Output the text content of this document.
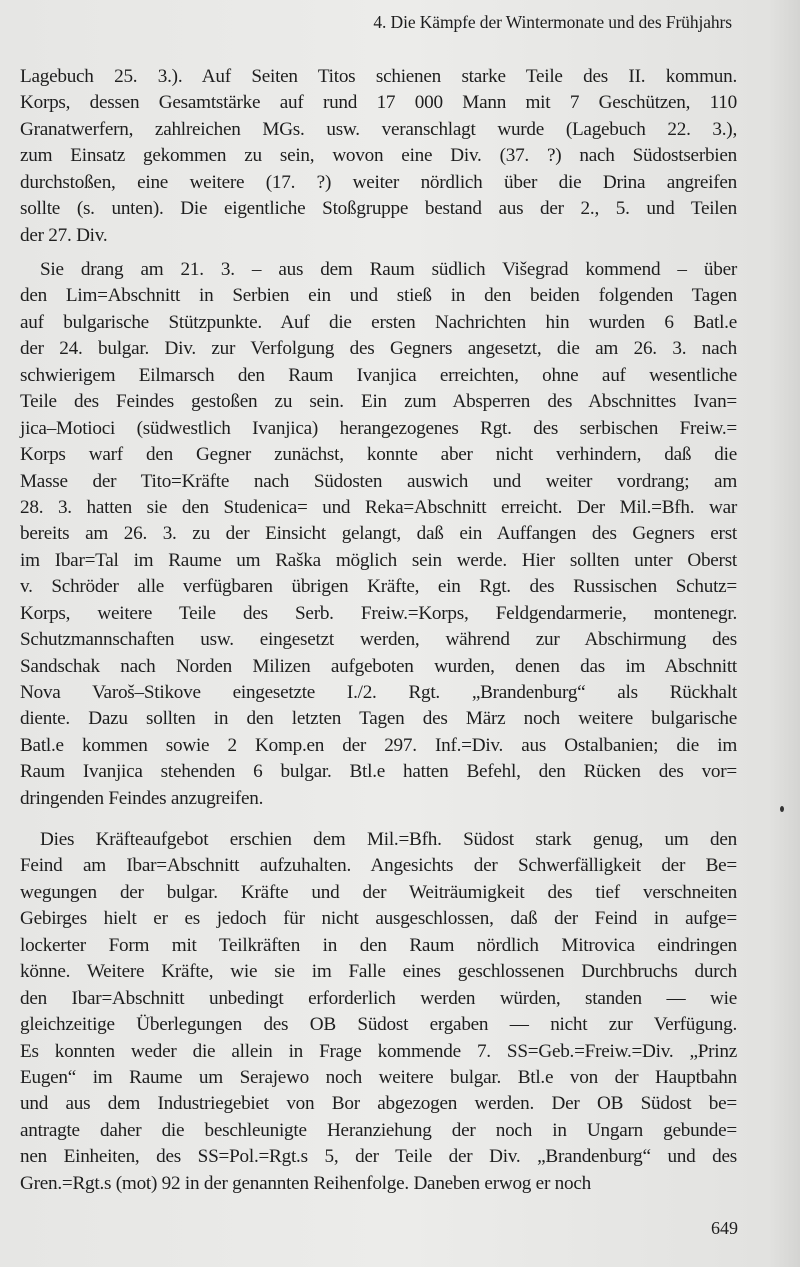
4. Die Kämpfe der Wintermonate und des Frühjahrs
Lagebuch 25. 3.). Auf Seiten Titos schienen starke Teile des II. kommun.
Korps, dessen Gesamtstärke auf rund 17 000 Mann mit 7 Geschützen, 110
Granatwerfern, zahlreichen MGs. usw. veranschlagt wurde (Lagebuch 22. 3.),
zum Einsatz gekommen zu sein, wovon eine Div. (37. ?) nach Südostserbien
durchstoßen, eine weitere (17. ?) weiter nördlich über die Drina angreifen
sollte (s. unten). Die eigentliche Stoßgruppe bestand aus der 2., 5. und Teilen
der 27. Div.
Sie drang am 21. 3. – aus dem Raum südlich Višegrad kommend – über
den Lim=Abschnitt in Serbien ein und stieß in den beiden folgenden Tagen
auf bulgarische Stützpunkte. Auf die ersten Nachrichten hin wurden 6 Batl.e
der 24. bulgar. Div. zur Verfolgung des Gegners angesetzt, die am 26. 3. nach
schwierigem Eilmarsch den Raum Ivanjica erreichten, ohne auf wesentliche
Teile des Feindes gestoßen zu sein. Ein zum Absperren des Abschnittes Ivan=
jica–Motioci (südwestlich Ivanjica) herangezogenes Rgt. des serbischen Freiw.=
Korps warf den Gegner zunächst, konnte aber nicht verhindern, daß die
Masse der Tito=Kräfte nach Südosten auswich und weiter vordrang; am
28. 3. hatten sie den Studenica= und Reka=Abschnitt erreicht. Der Mil.=Bfh. war
bereits am 26. 3. zu der Einsicht gelangt, daß ein Auffangen des Gegners erst
im Ibar=Tal im Raume um Raška möglich sein werde. Hier sollten unter Oberst
v. Schröder alle verfügbaren übrigen Kräfte, ein Rgt. des Russischen Schutz=
Korps, weitere Teile des Serb. Freiw.=Korps, Feldgendarmerie, montenegr.
Schutzmannschaften usw. eingesetzt werden, während zur Abschirmung des
Sandschak nach Norden Milizen aufgeboten wurden, denen das im Abschnitt
Nova Varoš–Stikove eingesetzte I./2. Rgt. „Brandenburg“ als Rückhalt
diente. Dazu sollten in den letzten Tagen des März noch weitere bulgarische
Batl.e kommen sowie 2 Komp.en der 297. Inf.=Div. aus Ostalbanien; die im
Raum Ivanjica stehenden 6 bulgar. Btl.e hatten Befehl, den Rücken des vor=
dringenden Feindes anzugreifen.
Dies Kräfteaufgebot erschien dem Mil.=Bfh. Südost stark genug, um den
Feind am Ibar=Abschnitt aufzuhalten. Angesichts der Schwerfälligkeit der Be=
wegungen der bulgar. Kräfte und der Weiträumigkeit des tief verschneiten
Gebirges hielt er es jedoch für nicht ausgeschlossen, daß der Feind in aufge=
lockerter Form mit Teilkräften in den Raum nördlich Mitrovica eindringen
könne. Weitere Kräfte, wie sie im Falle eines geschlossenen Durchbruchs durch
den Ibar=Abschnitt unbedingt erforderlich werden würden, standen — wie
gleichzeitige Überlegungen des OB Südost ergaben — nicht zur Verfügung.
Es konnten weder die allein in Frage kommende 7. SS=Geb.=Freiw.=Div. „Prinz
Eugen“ im Raume um Serajewo noch weitere bulgar. Btl.e von der Hauptbahn
und aus dem Industriegebiet von Bor abgezogen werden. Der OB Südost be=
antragte daher die beschleunigte Heranziehung der noch in Ungarn gebunde=
nen Einheiten, des SS=Pol.=Rgt.s 5, der Teile der Div. „Brandenburg“ und des
Gren.=Rgt.s (mot) 92 in der genannten Reihenfolge. Daneben erwog er noch
649
